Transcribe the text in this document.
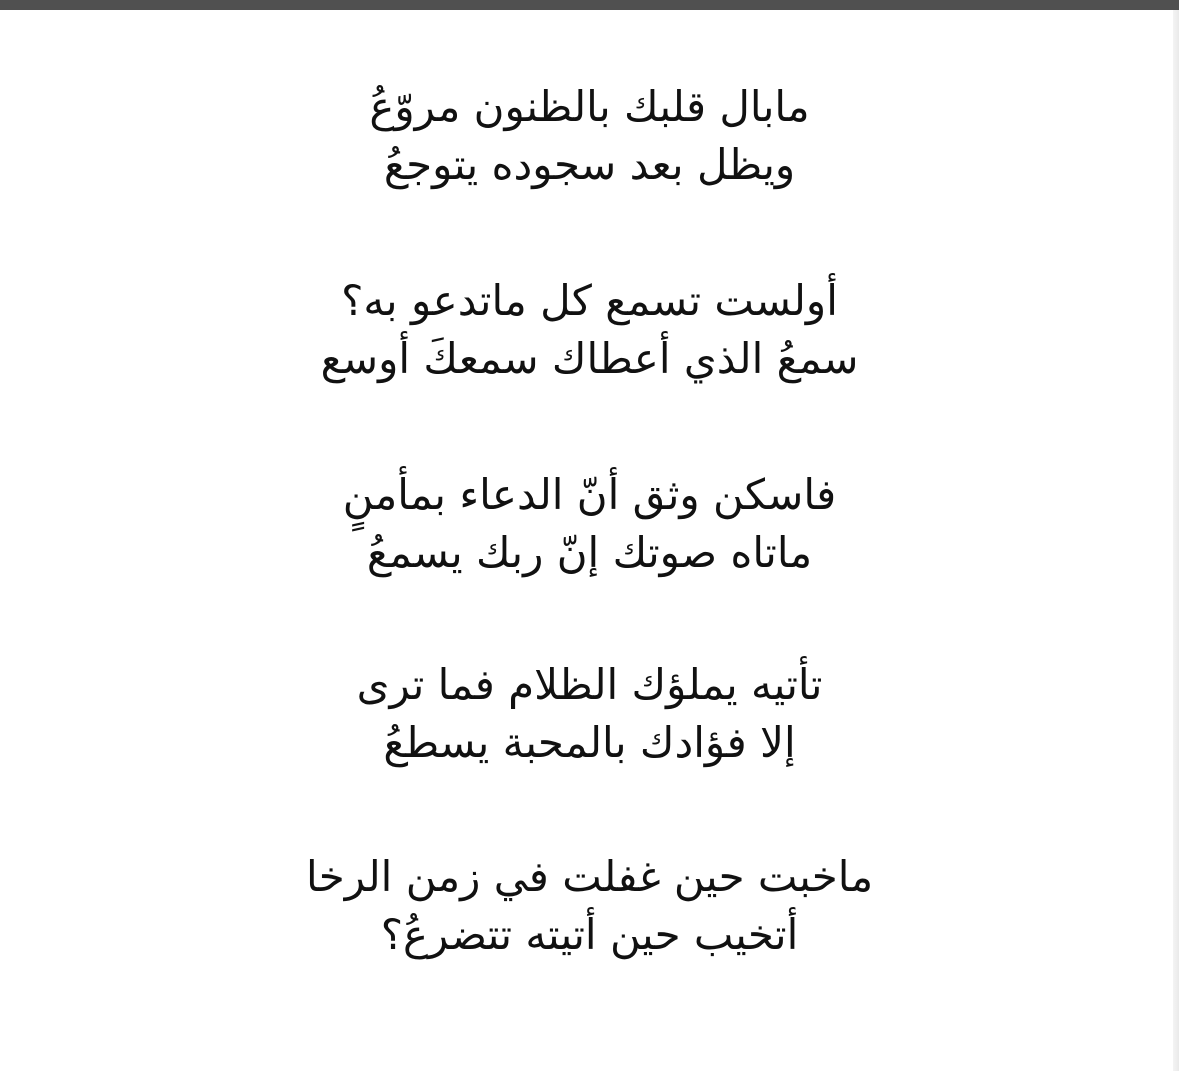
مابال قلبك بالظنون مروّعُ
ويظل بعد سجوده يتوجعُ
أولست تسمع كل ماتدعو به؟
سمعُ الذي أعطاك سمعكَ أوسع
فاسكن وثق أنّ الدعاء بمأمنٍ
ماتاه صوتك إنّ ربك يسمعُ
تأتيه يملؤك الظلام فما ترى
إلا فؤادك بالمحبة يسطعُ
ماخبت حين غفلت في زمن الرخا
أتخيب حين أتيته تتضرعُ؟
